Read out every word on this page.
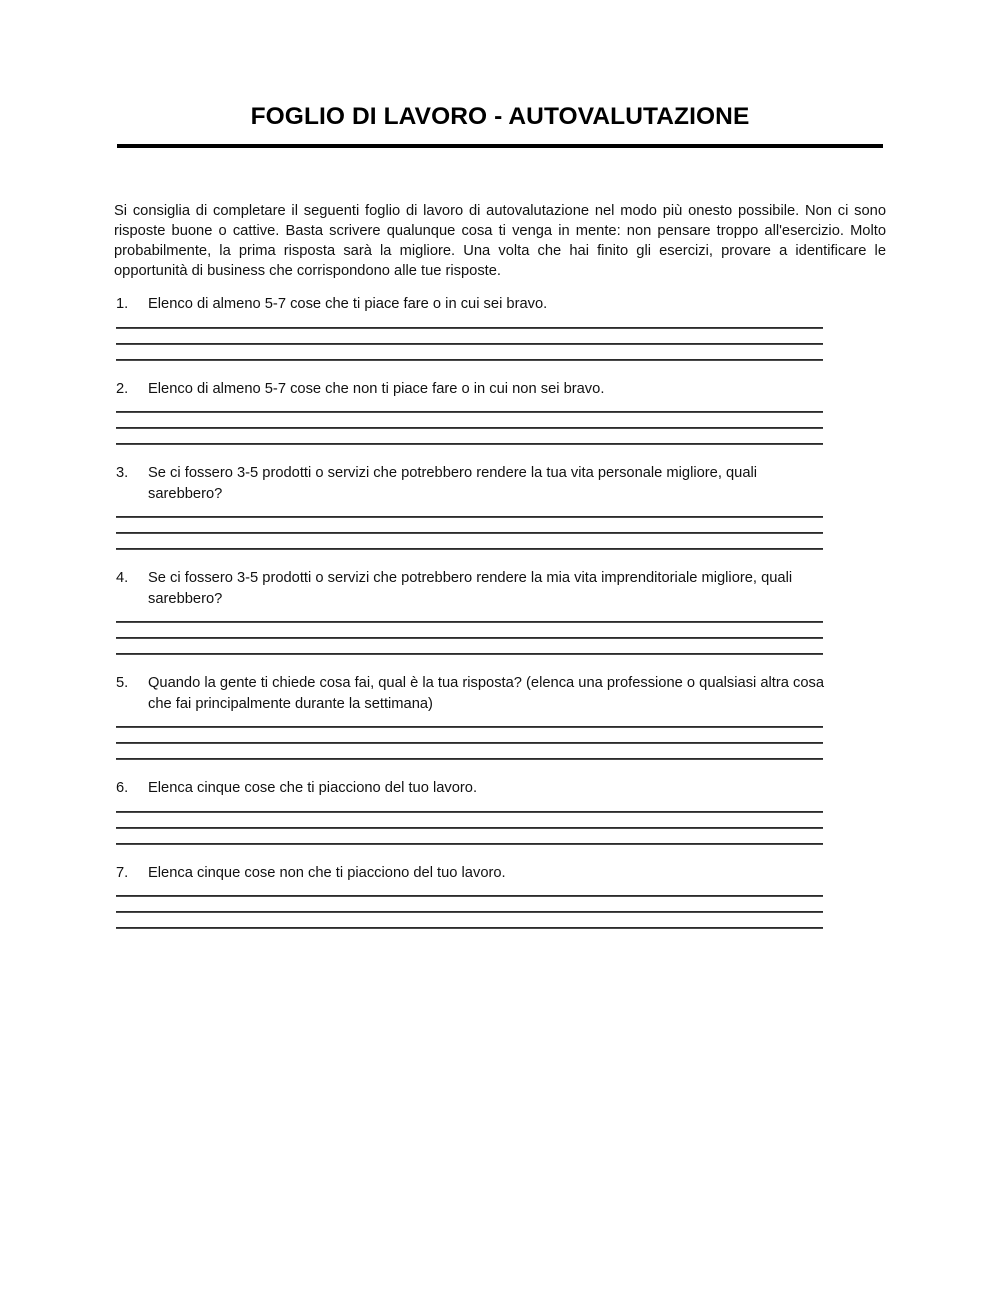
FOGLIO DI LAVORO - AUTOVALUTAZIONE

Si consiglia di completare il seguenti foglio di lavoro di autovalutazione nel modo più onesto possibile. Non ci sono risposte buone o cattive. Basta scrivere qualunque cosa ti venga in mente: non pensare troppo all'esercizio. Molto probabilmente, la prima risposta sarà la migliore. Una volta che hai finito gli esercizi, provare a identificare le opportunità di business che corrispondono alle tue risposte.

1.	Elenco di almeno 5-7 cose che ti piace fare o in cui sei bravo.
2.	Elenco di almeno 5-7 cose che non ti piace fare o in cui non sei bravo.
3.	Se ci fossero 3-5 prodotti o servizi che potrebbero rendere la tua vita personale migliore, quali sarebbero?
4.	Se ci fossero 3-5 prodotti o servizi che potrebbero rendere la mia vita imprenditoriale migliore, quali sarebbero?
5.	Quando la gente ti chiede cosa fai, qual è la tua risposta? (elenca una professione o qualsiasi altra cosa che fai principalmente durante la settimana)
6.	Elenca cinque cose che ti piacciono del tuo lavoro.
7.	Elenca cinque cose non che ti piacciono del tuo lavoro.
